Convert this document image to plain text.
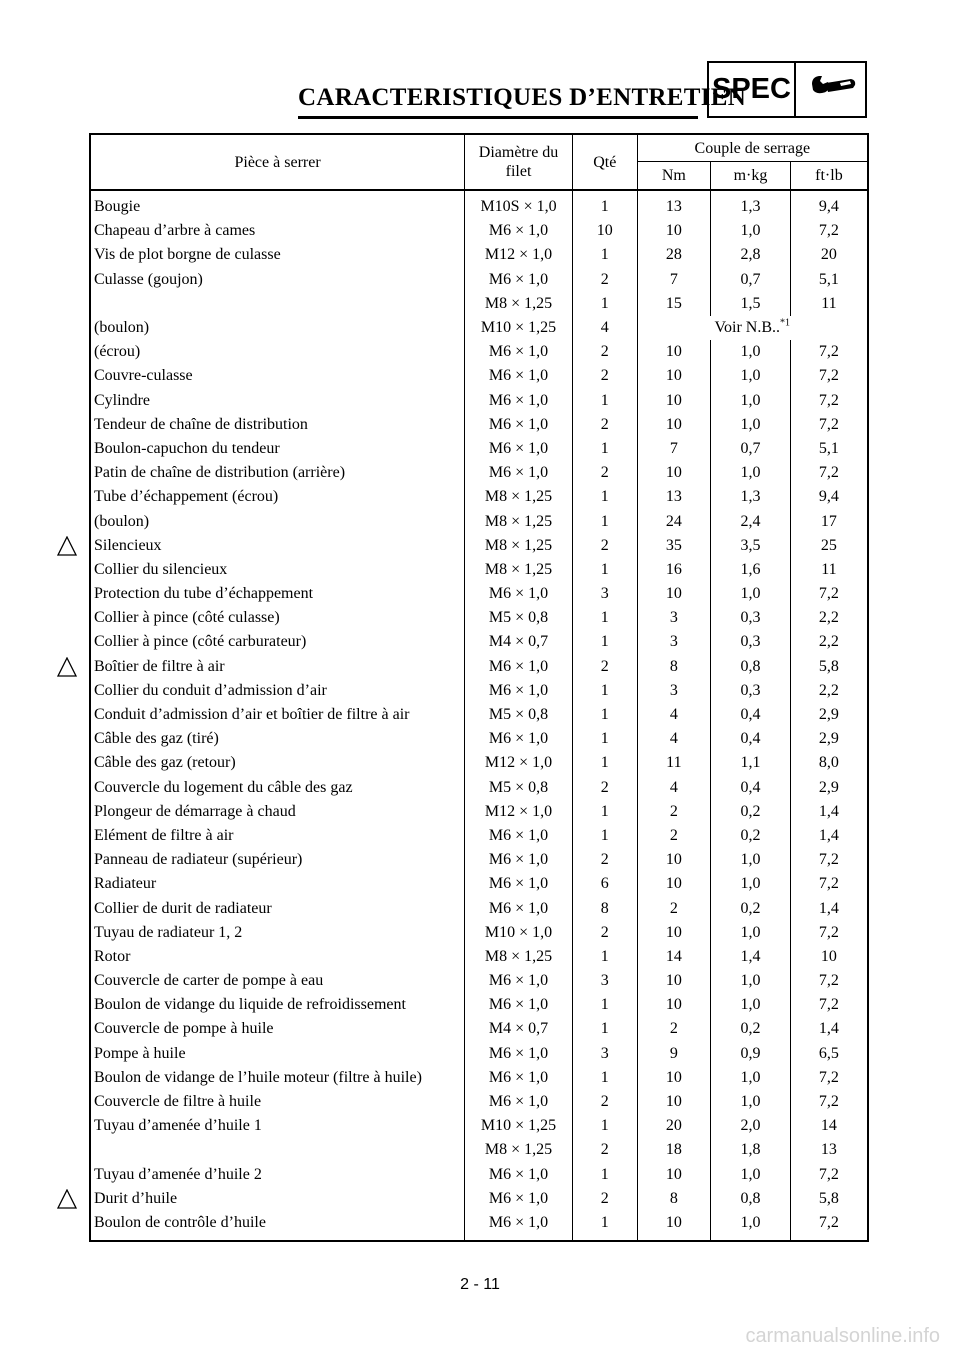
CARACTERISTIQUES D’ENTRETIEN
SPEC
Pièce à serrer	Diamètre du filet	Qté	Couple de serrage		
			Nm	m·kg	ft·lb
Bougie	M10S × 1,0	1	13	1,3	9,4
Chapeau d’arbre à cames	M6 × 1,0	10	10	1,0	7,2
Vis de plot borgne de culasse	M12 × 1,0	1	28	2,8	20
Culasse (goujon)	M6 × 1,0	2	7	0,7	5,1
	M8 × 1,25	1	15	1,5	11
(boulon)	M10 × 1,25	4	Voir N.B..$^{*1}$
(écrou)	M6 × 1,0	2	10	1,0	7,2
Couvre-culasse	M6 × 1,0	2	10	1,0	7,2
Cylindre	M6 × 1,0	1	10	1,0	7,2
Tendeur de chaîne de distribution	M6 × 1,0	2	10	1,0	7,2
Boulon-capuchon du tendeur	M6 × 1,0	1	7	0,7	5,1
Patin de chaîne de distribution (arrière)	M6 × 1,0	2	10	1,0	7,2
Tube d’échappement (écrou)	M8 × 1,25	1	13	1,3	9,4
(boulon)	M8 × 1,25	1	24	2,4	17
Silencieux	M8 × 1,25	2	35	3,5	25
Collier du silencieux	M8 × 1,25	1	16	1,6	11
Protection du tube d’échappement	M6 × 1,0	3	10	1,0	7,2
Collier à pince (côté culasse)	M5 × 0,8	1	3	0,3	2,2
Collier à pince (côté carburateur)	M4 × 0,7	1	3	0,3	2,2
Boîtier de filtre à air	M6 × 1,0	2	8	0,8	5,8
Collier du conduit d’admission d’air	M6 × 1,0	1	3	0,3	2,2
Conduit d’admission d’air et boîtier de filtre à air	M5 × 0,8	1	4	0,4	2,9
Câble des gaz (tiré)	M6 × 1,0	1	4	0,4	2,9
Câble des gaz (retour)	M12 × 1,0	1	11	1,1	8,0
Couvercle du logement du câble des gaz	M5 × 0,8	2	4	0,4	2,9
Plongeur de démarrage à chaud	M12 × 1,0	1	2	0,2	1,4
Elément de filtre à air	M6 × 1,0	1	2	0,2	1,4
Panneau de radiateur (supérieur)	M6 × 1,0	2	10	1,0	7,2
Radiateur	M6 × 1,0	6	10	1,0	7,2
Collier de durit de radiateur	M6 × 1,0	8	2	0,2	1,4
Tuyau de radiateur 1, 2	M10 × 1,0	2	10	1,0	7,2
Rotor	M8 × 1,25	1	14	1,4	10
Couvercle de carter de pompe à eau	M6 × 1,0	3	10	1,0	7,2
Boulon de vidange du liquide de refroidissement	M6 × 1,0	1	10	1,0	7,2
Couvercle de pompe à huile	M4 × 0,7	1	2	0,2	1,4
Pompe à huile	M6 × 1,0	3	9	0,9	6,5
Boulon de vidange de l’huile moteur (filtre à huile)	M6 × 1,0	1	10	1,0	7,2
Couvercle de filtre à huile	M6 × 1,0	2	10	1,0	7,2
Tuyau d’amenée d’huile 1	M10 × 1,25	1	20	2,0	14
	M8 × 1,25	2	18	1,8	13
Tuyau d’amenée d’huile 2	M6 × 1,0	1	10	1,0	7,2
Durit d’huile	M6 × 1,0	2	8	0,8	5,8
Boulon de contrôle d’huile	M6 × 1,0	1	10	1,0	7,2
2 - 11
carmanualsonline.info
